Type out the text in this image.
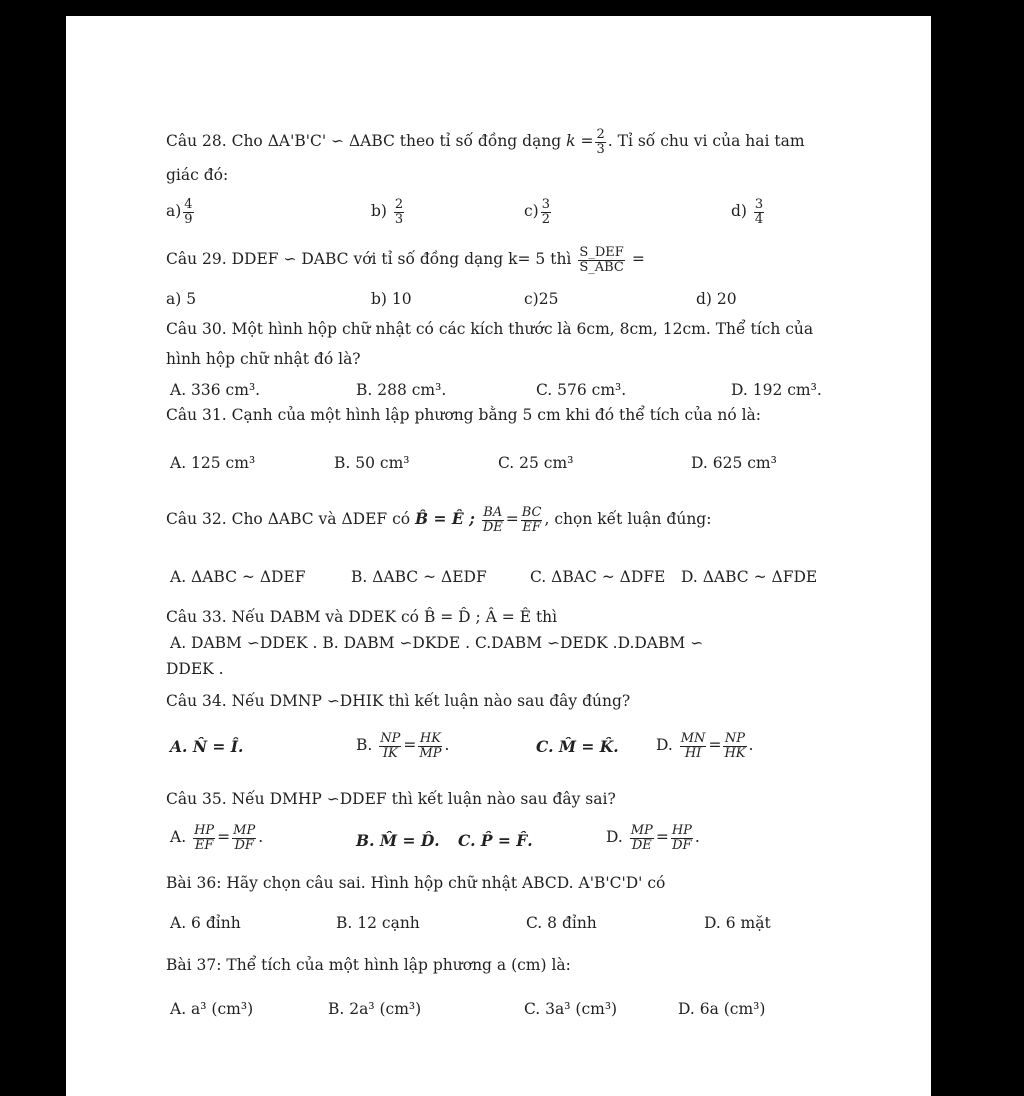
Câu 28. Cho ΔA'B'C' ∽ ΔABC theo tỉ số đồng dạng $k = \frac{2}{3}$ . Tỉ số chu vi của hai tam
giác đó:
$a) \frac{4}{9}$	$b) \frac{2}{3}$	$c) \frac{3}{2}$	$d) \frac{3}{4}$
Câu 29. DDEF ∽ DABC với tỉ số đồng dạng k= 5 thì $\frac{\text{S\_DEF}}{\text{S\_ABC}}$ =
a) 5	b) 10	c)25	d) 20
Câu 30. Một hình hộp chữ nhật có các kích thước là 6cm, 8cm, 12cm. Thể tích của
hình hộp chữ nhật đó là?
A. 336 cm³.	B. 288 cm³.	C. 576 cm³.	D. 192 cm³.
Câu 31. Cạnh của một hình lập phương bằng 5 cm khi đó thể tích của nó là:
A. 125 cm³	B. 50 cm³	C. 25 cm³	D. 625 cm³
Câu 32. Cho ΔABC và ΔDEF có B̂ = Ê ; $\frac{BA}{DE} = \frac{BC}{EF}$ , chọn kết luận đúng:
A. ΔABC ~ ΔDEF	B. ΔABC ~ ΔEDF	C. ΔBAC ~ ΔDFE D. ΔABC ~ ΔFDE
Câu 33. Nếu DABM và DDEK có B̂ = D̂ ; Â = Ê thì
A. DABM ∽DDEK . B. DABM ∽DKDE . C.DABM ∽DEDK .D.DABM ∽
DDEK .
Câu 34. Nếu DMNP ∽DHIK thì kết luận nào sau đây đúng?
A. N̂ = Î.	B. $\frac{NP}{IK} = \frac{HK}{MP}$ .	C. M̂ = K̂. D. $\frac{MN}{HI} = \frac{NP}{HK}$ .
Câu 35. Nếu DMHP ∽DDEF thì kết luận nào sau đây sai?
A. $\frac{HP}{EF} = \frac{MP}{DF}$ .	B. M̂ = D̂. C. P̂ = F̂.	D. $\frac{MP}{DE} = \frac{HP}{DF}$ .
Bài 36: Hãy chọn câu sai. Hình hộp chữ nhật ABCD. A'B'C'D' có
A. 6 đỉnh	B. 12 cạnh	C. 8 đỉnh	D. 6 mặt
Bài 37: Thể tích của một hình lập phương a (cm) là:
A. a³ (cm³)	B. 2a³ (cm³)	C. 3a³ (cm³)	D. 6a (cm³)
